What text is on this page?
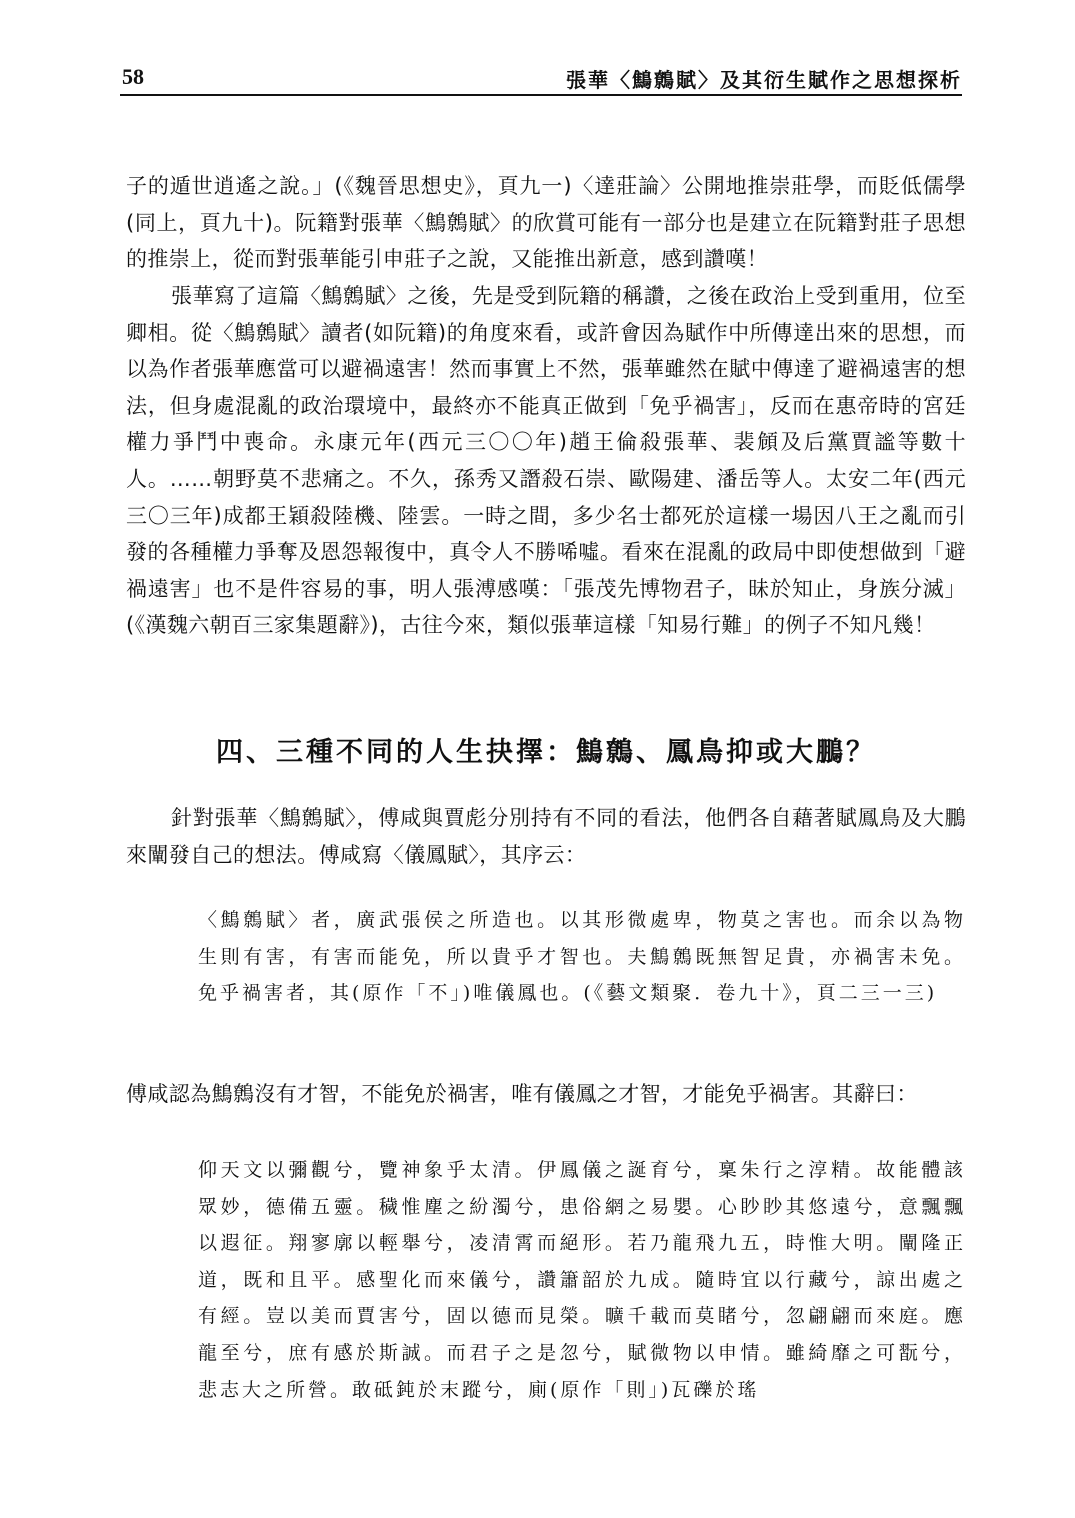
58	張華〈鷦鷯賦〉及其衍生賦作之思想探析

子的遁世逍遙之說。」(《魏晉思想史》，頁九一)〈達莊論〉公開地推崇莊學，而貶低儒學(同上，頁九十)。阮籍對張華〈鷦鷯賦〉的欣賞可能有一部分也是建立在阮籍對莊子思想的推崇上，從而對張華能引申莊子之說，又能推出新意，感到讚嘆！

張華寫了這篇〈鷦鷯賦〉之後，先是受到阮籍的稱讚，之後在政治上受到重用，位至卿相。從〈鷦鷯賦〉讀者(如阮籍)的角度來看，或許會因為賦作中所傳達出來的思想，而以為作者張華應當可以避禍遠害！然而事實上不然，張華雖然在賦中傳達了避禍遠害的想法，但身處混亂的政治環境中，最終亦不能真正做到「免乎禍害」，反而在惠帝時的宮廷權力爭鬥中喪命。永康元年(西元三〇〇年)趙王倫殺張華、裴頠及后黨賈謐等數十人。……朝野莫不悲痛之。不久，孫秀又譖殺石崇、歐陽建、潘岳等人。太安二年(西元三〇三年)成都王穎殺陸機、陸雲。一時之間，多少名士都死於這樣一場因八王之亂而引發的各種權力爭奪及恩怨報復中，真令人不勝唏噓。看來在混亂的政局中即使想做到「避禍遠害」也不是件容易的事，明人張溥感嘆：「張茂先博物君子，昧於知止，身族分滅」(《漢魏六朝百三家集題辭》)，古往今來，類似張華這樣「知易行難」的例子不知凡幾！

四、三種不同的人生抉擇：鷦鷯、鳳鳥抑或大鵬？

針對張華〈鷦鷯賦〉，傅咸與賈彪分別持有不同的看法，他們各自藉著賦鳳鳥及大鵬來闡發自己的想法。傅咸寫〈儀鳳賦〉，其序云：

〈鷦鷯賦〉者，廣武張侯之所造也。以其形微處卑，物莫之害也。而余以為物生則有害，有害而能免，所以貴乎才智也。夫鷦鷯既無智足貴，亦禍害未免。免乎禍害者，其(原作「不」)唯儀鳳也。(《藝文類聚．卷九十》，頁二三一三)

傅咸認為鷦鷯沒有才智，不能免於禍害，唯有儀鳳之才智，才能免乎禍害。其辭曰：

仰天文以彌觀兮，覽神象乎太清。伊鳳儀之誕育兮，稟朱行之淳精。故能體該眾妙，德備五靈。穢惟塵之紛濁兮，患俗網之易嬰。心眇眇其悠遠兮，意飄飄以遐征。翔寥廓以輕舉兮，凌清霄而絕形。若乃龍飛九五，時惟大明。闡隆正道，既和且平。感聖化而來儀兮，讚簫韶於九成。隨時宜以行藏兮，諒出處之有經。豈以美而賈害兮，固以德而見榮。曠千載而莫睹兮，忽翩翩而來庭。應龍至兮，庶有感於斯誠。而君子之是忽兮，賦微物以申情。雖綺靡之可翫兮，悲志大之所營。敢砥鈍於末蹤兮，廁(原作「則」)瓦礫於瑤
